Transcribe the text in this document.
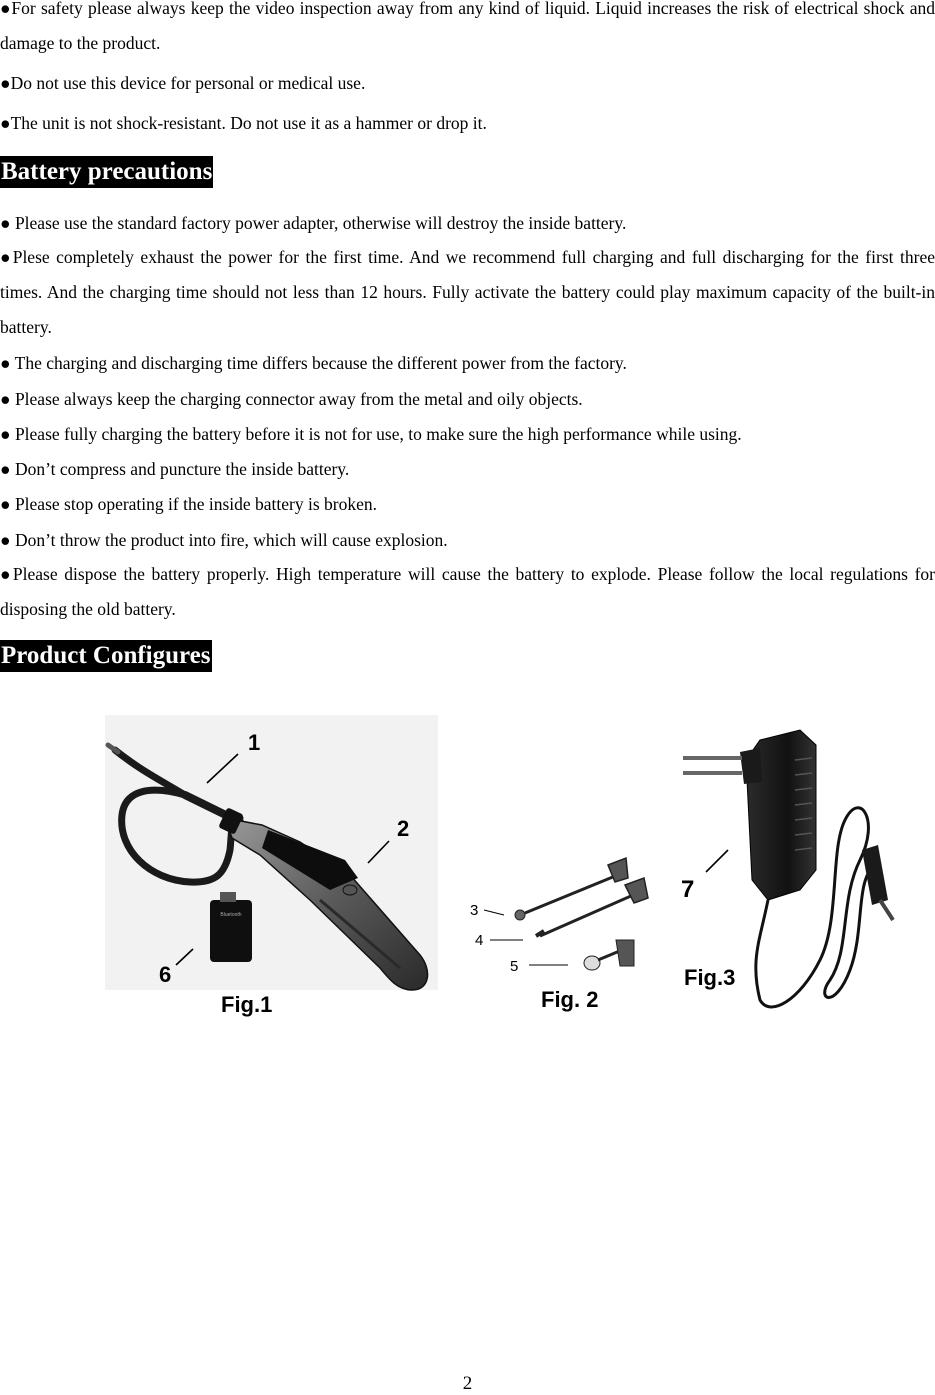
●For safety please always keep the video inspection away from any kind of liquid. Liquid increases the risk of electrical shock and damage to the product.

●Do not use this device for personal or medical use.

●The unit is not shock-resistant. Do not use it as a hammer or drop it.

Battery precautions

● Please use the standard factory power adapter, otherwise will destroy the inside battery.

●Plese completely exhaust the power for the first time. And we recommend full charging and full discharging for the first three times. And the charging time should not less than 12 hours. Fully activate the battery could play maximum capacity of the built-in battery.

● The charging and discharging time differs because the different power from the factory.

● Please always keep the charging connector away from the metal and oily objects.

● Please fully charging the battery before it is not for use, to make sure the high performance while using.

● Don’t compress and puncture the inside battery.

● Please stop operating if the inside battery is broken.

● Don’t throw the product into fire, which will cause explosion.

●Please dispose the battery properly. High temperature will cause the battery to explode. Please follow the local regulations for disposing the old battery.

Product Configures
Bluetooth
1
2
6
Fig.1
3
4
5
Fig. 2
7
Fig.3
2
